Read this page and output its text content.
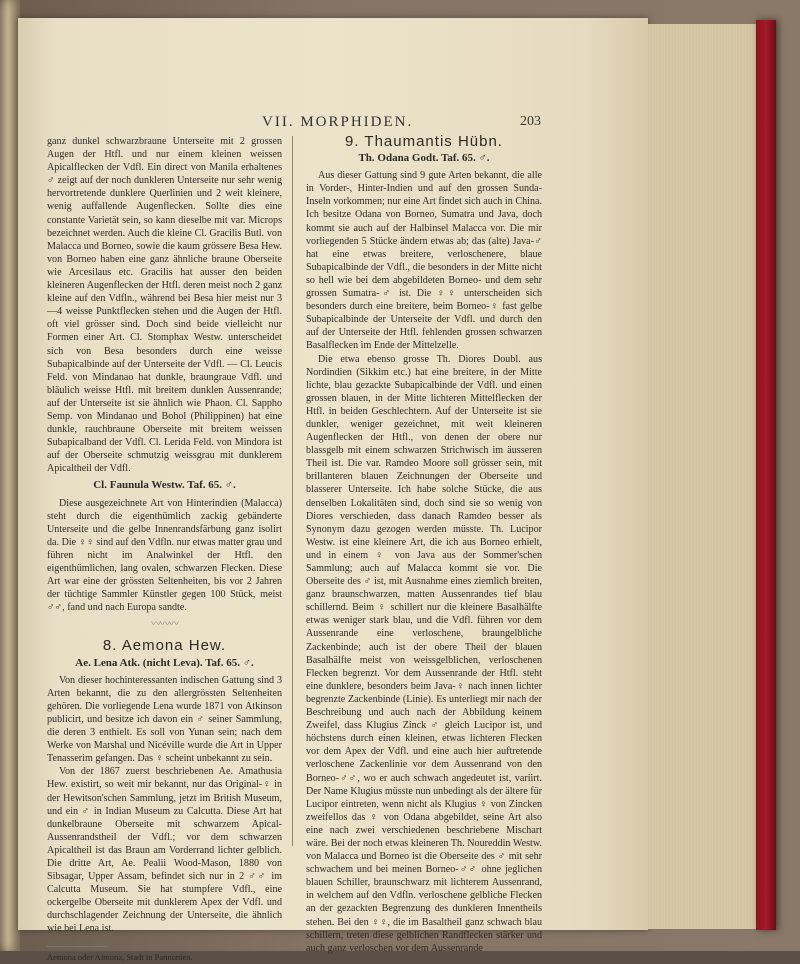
VII. MORPHIDEN.	203

ganz dunkel schwarzbraune Unterseite mit 2 grossen Augen der Htfl. und nur einem kleinen weissen Apicalflecken der Vdfl. Ein direct von Manila erhaltenes ♂ zeigt auf der noch dunkleren Unterseite nur sehr wenig hervortretende dunklere Querlinien und 2 weit kleinere, wenig auffallende Augenflecken. Sollte dies eine constante Varietät sein, so kann dieselbe mit var. Microps bezeichnet werden. Auch die kleine Cl. Gracilis Butl. von Malacca und Borneo, sowie die kaum grössere Besa Hew. von Borneo haben eine ganz ähnliche braune Oberseite wie Arcesilaus etc. Gracilis hat ausser den beiden kleineren Augenflecken der Htfl. deren meist noch 2 ganz kleine auf den Vdfln., während bei Besa hier meist nur 3—4 weisse Punktflecken stehen und die Augen der Htfl. oft viel grösser sind. Doch sind beide vielleicht nur Formen einer Art. Cl. Stomphax Westw. unterscheidet sich von Besa besonders durch eine weisse Subapicalbinde auf der Unterseite der Vdfl. — Cl. Leucis Feld. von Mindanao hat dunkle, braungraue Vdfl. und bläulich weisse Htfl. mit breitem dunklen Aussenrande; auf der Unterseite ist sie ähnlich wie Phaon. Cl. Sappho Semp. von Mindanao und Bohol (Philippinen) hat eine dunkle, rauchbraune Oberseite mit breitem weissen Subapicalband der Vdfl. Cl. Lerida Feld. von Mindora ist auf der Oberseite schmutzig weissgrau mit dunklerem Apicaltheil der Vdfl.

Cl. Faunula Westw. Taf. 65. ♂.

Diese ausgezeichnete Art von Hinterindien (Malacca) steht durch die eigenthümlich zackig gebänderte Unterseite und die gelbe Innenrandsfärbung ganz isolirt da. Die ♀♀ sind auf den Vdfln. nur etwas matter grau und führen nicht im Analwinkel der Htfl. den eigenthümlichen, lang ovalen, schwarzen Flecken. Diese Art war eine der grössten Seltenheiten, bis vor 2 Jahren der tüchtige Sammler Künstler gegen 100 Stück, meist ♂♂, fand und nach Europa sandte.

〰〰〰
8. Aemona Hew.
Ae. Lena Atk. (nicht Leva). Taf. 65. ♂.

Von dieser hochinteressanten indischen Gattung sind 3 Arten bekannt, die zu den allergrössten Seltenheiten gehören. Die vorliegende Lena wurde 1871 von Atkinson publicirt, und besitze ich davon ein ♂ seiner Sammlung, die deren 3 enthielt. Es soll von Yunan sein; nach dem Werke von Marshal und Nicéville wurde die Art in Upper Tenasserim gefangen. Das ♀ scheint unbekannt zu sein.

Von der 1867 zuerst beschriebenen Ae. Amathusia Hew. existirt, so weit mir bekannt, nur das Original-♀ in der Hewitson'schen Sammlung, jetzt im British Museum, und ein ♂ in Indian Museum zu Calcutta. Diese Art hat dunkelbraune Oberseite mit schwarzem Apical-Aussenrandstheil der Vdfl.; vor dem schwarzen Apicaltheil ist das Braun am Vorderrand lichter gelblich. Die dritte Art, Ae. Pealii Wood-Mason, 1880 von Sibsagar, Upper Assam, befindet sich nur in 2 ♂♂ im Calcutta Museum. Sie hat stumpfere Vdfl., eine ockergelbe Oberseite mit dunklerem Apex der Vdfl. und durchschlagender Zeichnung der Unterseite, die ähnlich wie bei Lena ist.

Aemona oder Aimona, Stadt in Pannonien.

9. Thaumantis Hübn.
Th. Odana Godt. Taf. 65. ♂.

Aus dieser Gattung sind 9 gute Arten bekannt, die alle in Vorder-, Hinter-Indien und auf den grossen Sunda-Inseln vorkommen; nur eine Art findet sich auch in China. Ich besitze Odana von Borneo, Sumatra und Java, doch kommt sie auch auf der Halbinsel Malacca vor. Die mir vorliegenden 5 Stücke ändern etwas ab; das (alte) Java-♂ hat eine etwas breitere, verloschenere, blaue Subapicalbinde der Vdfl., die besonders in der Mitte nicht so hell wie bei dem abgebildeten Borneo- und dem sehr grossen Sumatra-♂ ist. Die ♀♀ unterscheiden sich besonders durch eine breitere, beim Borneo-♀ fast gelbe Subapicalbinde der Unterseite der Vdfl. und durch den auf der Unterseite der Htfl. fehlenden grossen schwarzen Basalflecken im Ende der Mittelzelle.

Die etwa ebenso grosse Th. Diores Doubl. aus Nordindien (Sikkim etc.) hat eine breitere, in der Mitte lichte, blau gezackte Subapicalbinde der Vdfl. und einen grossen blauen, in der Mitte lichteren Mittelflecken der Htfl. in beiden Geschlechtern. Auf der Unterseite ist sie dunkler, weniger gezeichnet, mit weit kleineren Augenflecken der Htfl., von denen der obere nur blassgelb mit einem schwarzen Strichwisch im äusseren Theil ist. Die var. Ramdeo Moore soll grösser sein, mit brillanteren blauen Zeichnungen der Oberseite und blasserer Unterseite. Ich habe solche Stücke, die aus denselben Lokalitäten sind, doch sind sie so wenig von Diores verschieden, dass danach Ramdeo besser als Synonym dazu gezogen werden müsste. Th. Lucipor Westw. ist eine kleinere Art, die ich aus Borneo erhielt, und in einem ♀ von Java aus der Sommer'schen Sammlung; auch auf Malacca kommt sie vor. Die Oberseite des ♂ ist, mit Ausnahme eines ziemlich breiten, ganz braunschwarzen, matten Aussenrandes tief blau schillernd. Beim ♀ schillert nur die kleinere Basalhälfte etwas weniger stark blau, und die Vdfl. führen vor dem Aussenrande eine verloschene, braungelbliche Zackenbinde; auch ist der obere Theil der blauen Basalhälfte meist von weissgelblichen, verloschenen Flecken begrenzt. Vor dem Aussenrande der Htfl. steht eine dunklere, besonders beim Java-♀ nach innen lichter begrenzte Zackenbinde (Linie). Es unterliegt mir nach der Beschreibung und auch nach der Abbildung keinem Zweifel, dass Klugius Zinck ♂ gleich Lucipor ist, und höchstens durch einen kleinen, etwas lichteren Flecken vor dem Apex der Vdfl. und eine auch hier auftretende verloschene Zackenlinie vor dem Aussenrand von den Borneo-♂♂, wo er auch schwach angedeutet ist, variirt. Der Name Klugius müsste nun unbedingt als der ältere für Lucipor eintreten, wenn nicht als Klugius ♀ von Zincken zweifellos das ♀ von Odana abgebildet, seine Art also eine nach zwei verschiedenen beschriebene Mischart wäre. Bei der noch etwas kleineren Th. Noureddin Westw. von Malacca und Borneo ist die Oberseite des ♂ mit sehr schwachem und bei meinen Borneo-♂♂ ohne jeglichen blauen Schiller, braunschwarz mit lichterem Aussenrand, in welchem auf den Vdfln. verloschene gelbliche Flecken an der gezackten Begrenzung des dunkleren Innentheils stehen. Bei den ♀♀, die im Basaltheil ganz schwach blau schillern, treten diese gelblichen Randflecken stärker und auch ganz verloschen vor dem Aussenrande
